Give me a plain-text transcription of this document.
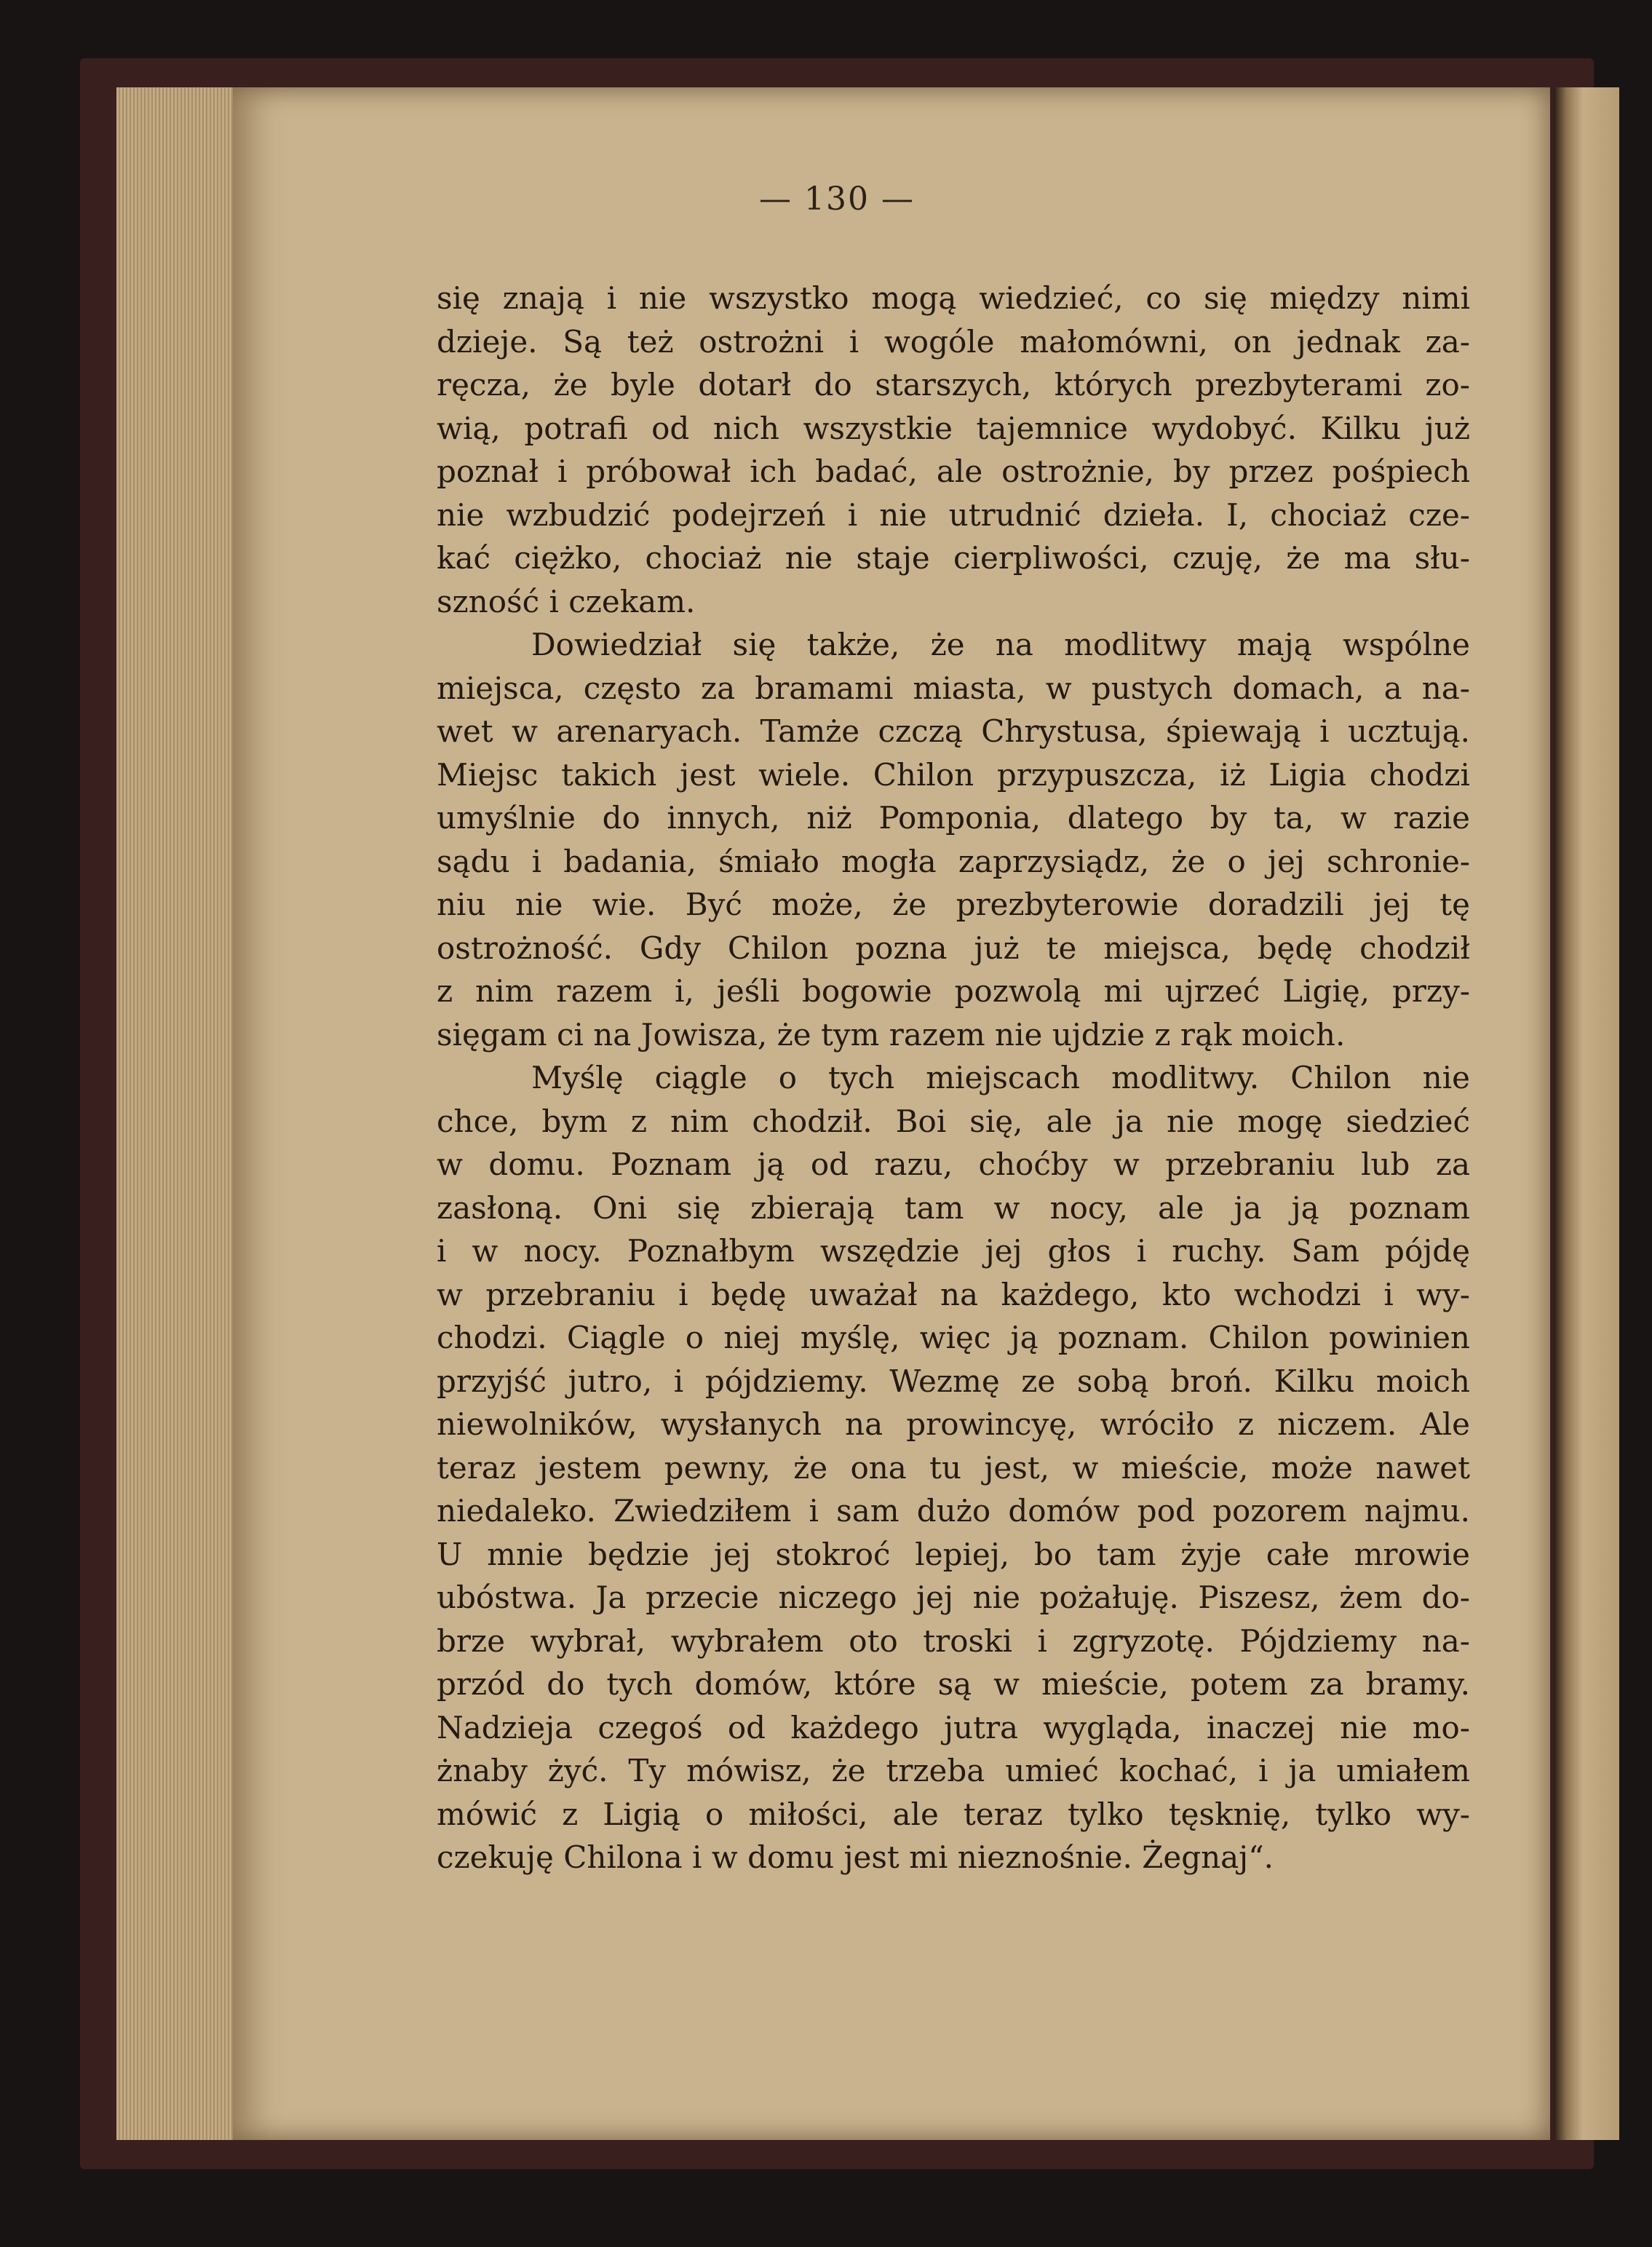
— 130 —
się znają i nie wszystko mogą wiedzieć, co się między nimi
dzieje. Są też ostrożni i wogóle małomówni, on jednak za-
ręcza, że byle dotarł do starszych, których prezbyterami zo-
wią, potrafi od nich wszystkie tajemnice wydobyć. Kilku już
poznał i próbował ich badać, ale ostrożnie, by przez pośpiech
nie wzbudzić podejrzeń i nie utrudnić dzieła. I, chociaż cze-
kać ciężko, chociaż nie staje cierpliwości, czuję, że ma słu-
szność i czekam.
Dowiedział się także, że na modlitwy mają wspólne
miejsca, często za bramami miasta, w pustych domach, a na-
wet w arenaryach. Tamże czczą Chrystusa, śpiewają i ucztują.
Miejsc takich jest wiele. Chilon przypuszcza, iż Ligia chodzi
umyślnie do innych, niż Pomponia, dlatego by ta, w razie
sądu i badania, śmiało mogła zaprzysiądz, że o jej schronie-
niu nie wie. Być może, że prezbyterowie doradzili jej tę
ostrożność. Gdy Chilon pozna już te miejsca, będę chodził
z nim razem i, jeśli bogowie pozwolą mi ujrzeć Ligię, przy-
sięgam ci na Jowisza, że tym razem nie ujdzie z rąk moich.
Myślę ciągle o tych miejscach modlitwy. Chilon nie
chce, bym z nim chodził. Boi się, ale ja nie mogę siedzieć
w domu. Poznam ją od razu, choćby w przebraniu lub za
zasłoną. Oni się zbierają tam w nocy, ale ja ją poznam
i w nocy. Poznałbym wszędzie jej głos i ruchy. Sam pójdę
w przebraniu i będę uważał na każdego, kto wchodzi i wy-
chodzi. Ciągle o niej myślę, więc ją poznam. Chilon powinien
przyjść jutro, i pójdziemy. Wezmę ze sobą broń. Kilku moich
niewolników, wysłanych na prowincyę, wróciło z niczem. Ale
teraz jestem pewny, że ona tu jest, w mieście, może nawet
niedaleko. Zwiedziłem i sam dużo domów pod pozorem najmu.
U mnie będzie jej stokroć lepiej, bo tam żyje całe mrowie
ubóstwa. Ja przecie niczego jej nie pożałuję. Piszesz, żem do-
brze wybrał, wybrałem oto troski i zgryzotę. Pójdziemy na-
przód do tych domów, które są w mieście, potem za bramy.
Nadzieja czegoś od każdego jutra wygląda, inaczej nie mo-
żnaby żyć. Ty mówisz, że trzeba umieć kochać, i ja umiałem
mówić z Ligią o miłości, ale teraz tylko tęsknię, tylko wy-
czekuję Chilona i w domu jest mi nieznośnie. Żegnaj“.
